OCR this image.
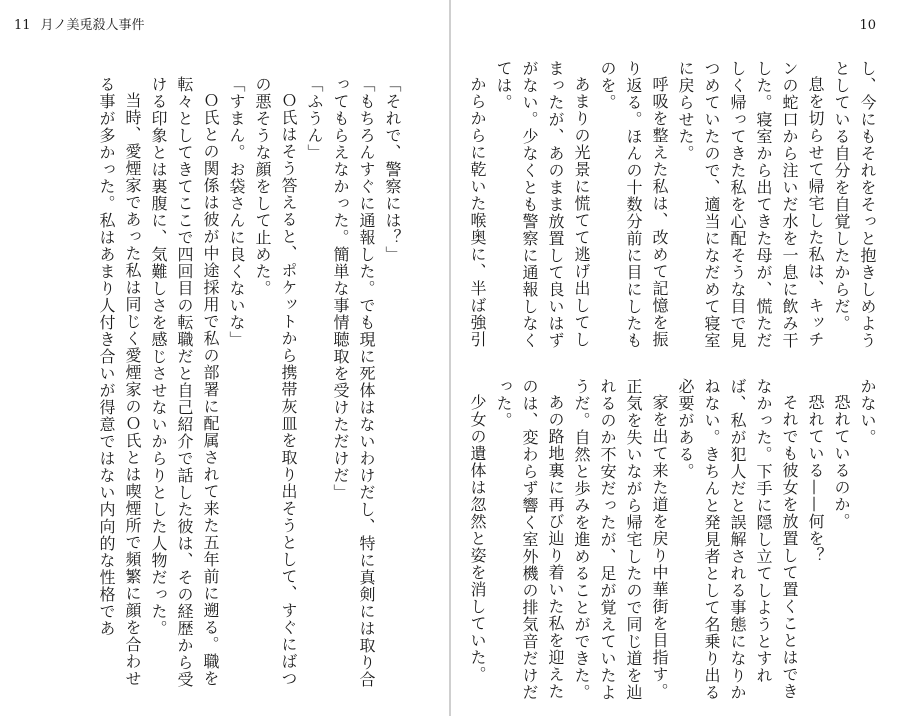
11 月ノ美兎殺人事件

「それで、警察には？」

「もちろんすぐに通報した。でも現に死体はないわけだし、特に真剣には取り合ってもらえなかった。簡単な事情聴取を受けただけだ」

「ふうん」

Ｏ氏はそう答えると、ポケットから携帯灰皿を取り出そうとして、すぐにばつの悪そうな顔をして止めた。

「すまん。お袋さんに良くないな」

Ｏ氏との関係は彼が中途採用で私の部署に配属されて来た五年前に遡る。職を転々としてきてここで四回目の転職だと自己紹介で話した彼は、その経歴から受ける印象とは裏腹に、気難しさを感じさせないからりとした人物だった。

当時、愛煙家であった私は同じく愛煙家のＯ氏とは喫煙所で頻繁に顔を合わせる事が多かった。私はあまり人付き合いが得意ではない内向的な性格であ

10

し、今にもそれをそっと抱きしめようとしている自分を自覚したからだ。

息を切らせて帰宅した私は、キッチンの蛇口から注いだ水を一息に飲み干した。寝室から出てきた母が、慌ただしく帰ってきた私を心配そうな目で見つめていたので、適当になだめて寝室に戻らせた。

呼吸を整えた私は、改めて記憶を振り返る。ほんの十数分前に目にしたものを。

あまりの光景に慌てて逃げ出してしまったが、あのまま放置して良いはずがない。少なくとも警察に通報しなくては。

からからに乾いた喉奥に、半ば強引

かない。

恐れているのか。

恐れている——何を？

それでも彼女を放置して置くことはできなかった。下手に隠し立てしようとすれば、私が犯人だと誤解される事態になりかねない。きちんと発見者として名乗り出る必要がある。

家を出て来た道を戻り中華街を目指す。正気を失いながら帰宅したので同じ道を辿れるのか不安だったが、足が覚えていたようだ。自然と歩みを進めることができた。

あの路地裏に再び辿り着いた私を迎えたのは、変わらず響く室外機の排気音だけだった。

少女の遺体は忽然と姿を消していた。
